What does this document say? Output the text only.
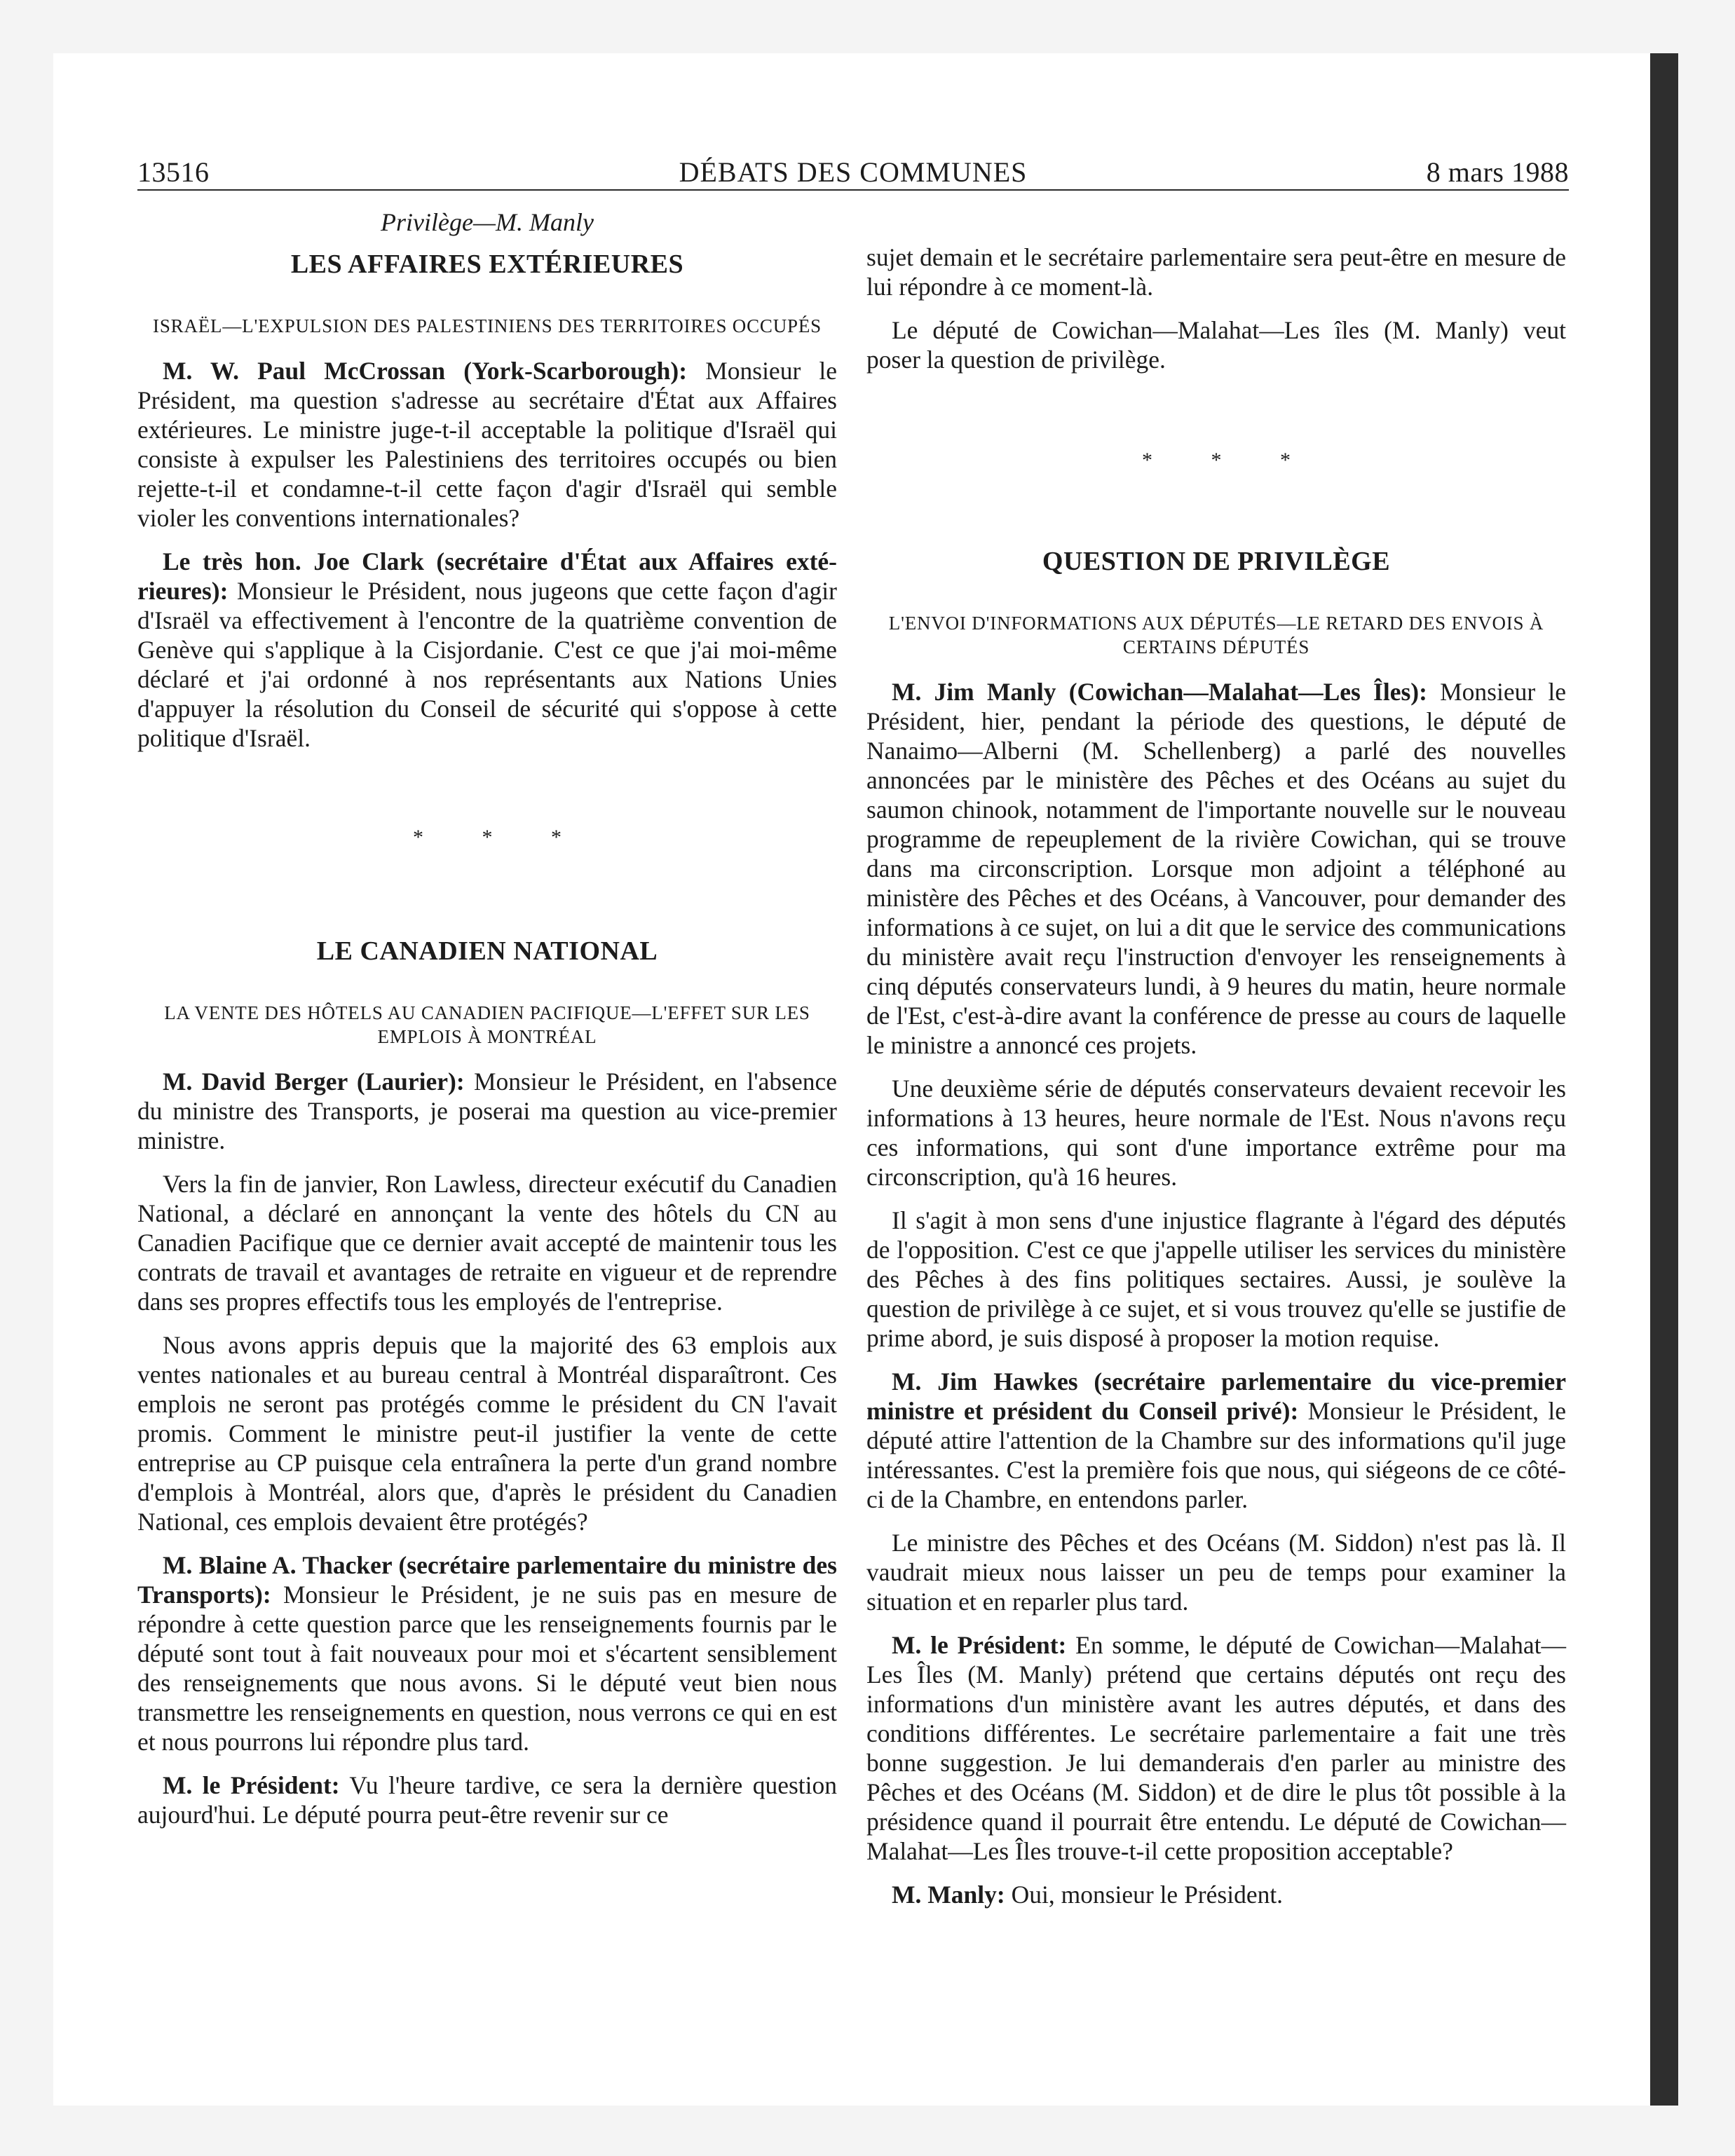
13516	DÉBATS DES COMMUNES	8 mars 1988
Privilège—M. Manly
LES AFFAIRES EXTÉRIEURES
ISRAËL—L'EXPULSION DES PALESTINIENS DES TERRITOIRES OCCUPÉS

M. W. Paul McCrossan (York-Scarborough): Monsieur le Président, ma question s'adresse au secrétaire d'État aux Affaires extérieures. Le ministre juge-t-il acceptable la politique d'Israël qui consiste à expulser les Palestiniens des territoires occupés ou bien rejette-t-il et condamne-t-il cette façon d'agir d'Israël qui semble violer les conventions internationales?

Le très hon. Joe Clark (secrétaire d'État aux Affaires extérieures): Monsieur le Président, nous jugeons que cette façon d'agir d'Israël va effectivement à l'encontre de la quatrième convention de Genève qui s'applique à la Cisjordanie. C'est ce que j'ai moi-même déclaré et j'ai ordonné à nos représentants aux Nations Unies d'appuyer la résolution du Conseil de sécurité qui s'oppose à cette politique d'Israël.

* * *
LE CANADIEN NATIONAL
LA VENTE DES HÔTELS AU CANADIEN PACIFIQUE—L'EFFET SUR LES EMPLOIS À MONTRÉAL

M. David Berger (Laurier): Monsieur le Président, en l'absence du ministre des Transports, je poserai ma question au vice-premier ministre.

Vers la fin de janvier, Ron Lawless, directeur exécutif du Canadien National, a déclaré en annonçant la vente des hôtels du CN au Canadien Pacifique que ce dernier avait accepté de maintenir tous les contrats de travail et avantages de retraite en vigueur et de reprendre dans ses propres effectifs tous les employés de l'entreprise.

Nous avons appris depuis que la majorité des 63 emplois aux ventes nationales et au bureau central à Montréal disparaîtront. Ces emplois ne seront pas protégés comme le président du CN l'avait promis. Comment le ministre peut-il justifier la vente de cette entreprise au CP puisque cela entraînera la perte d'un grand nombre d'emplois à Montréal, alors que, d'après le président du Canadien National, ces emplois devaient être protégés?

M. Blaine A. Thacker (secrétaire parlementaire du ministre des Transports): Monsieur le Président, je ne suis pas en mesure de répondre à cette question parce que les renseignements fournis par le député sont tout à fait nouveaux pour moi et s'écartent sensiblement des renseignements que nous avons. Si le député veut bien nous transmettre les renseignements en question, nous verrons ce qui en est et nous pourrons lui répondre plus tard.

M. le Président: Vu l'heure tardive, ce sera la dernière question aujourd'hui. Le député pourra peut-être revenir sur ce

sujet demain et le secrétaire parlementaire sera peut-être en mesure de lui répondre à ce moment-là.

Le député de Cowichan—Malahat—Les îles (M. Manly) veut poser la question de privilège.

* * *
QUESTION DE PRIVILÈGE
L'ENVOI D'INFORMATIONS AUX DÉPUTÉS—LE RETARD DES ENVOIS À CERTAINS DÉPUTÉS

M. Jim Manly (Cowichan—Malahat—Les Îles): Monsieur le Président, hier, pendant la période des questions, le député de Nanaimo—Alberni (M. Schellenberg) a parlé des nouvelles annoncées par le ministère des Pêches et des Océans au sujet du saumon chinook, notamment de l'importante nouvelle sur le nouveau programme de repeuplement de la rivière Cowichan, qui se trouve dans ma circonscription. Lorsque mon adjoint a téléphoné au ministère des Pêches et des Océans, à Vancouver, pour demander des informations à ce sujet, on lui a dit que le service des communications du ministère avait reçu l'instruction d'envoyer les renseignements à cinq députés conservateurs lundi, à 9 heures du matin, heure normale de l'Est, c'est-à-dire avant la conférence de presse au cours de laquelle le ministre a annoncé ces projets.

Une deuxième série de députés conservateurs devaient recevoir les informations à 13 heures, heure normale de l'Est. Nous n'avons reçu ces informations, qui sont d'une importance extrême pour ma circonscription, qu'à 16 heures.

Il s'agit à mon sens d'une injustice flagrante à l'égard des députés de l'opposition. C'est ce que j'appelle utiliser les services du ministère des Pêches à des fins politiques sectaires. Aussi, je soulève la question de privilège à ce sujet, et si vous trouvez qu'elle se justifie de prime abord, je suis disposé à proposer la motion requise.

M. Jim Hawkes (secrétaire parlementaire du vice-premier ministre et président du Conseil privé): Monsieur le Président, le député attire l'attention de la Chambre sur des informations qu'il juge intéressantes. C'est la première fois que nous, qui siégeons de ce côté-ci de la Chambre, en entendons parler.

Le ministre des Pêches et des Océans (M. Siddon) n'est pas là. Il vaudrait mieux nous laisser un peu de temps pour examiner la situation et en reparler plus tard.

M. le Président: En somme, le député de Cowichan—Malahat—Les Îles (M. Manly) prétend que certains députés ont reçu des informations d'un ministère avant les autres députés, et dans des conditions différentes. Le secrétaire parlementaire a fait une très bonne suggestion. Je lui demanderais d'en parler au ministre des Pêches et des Océans (M. Siddon) et de dire le plus tôt possible à la présidence quand il pourrait être entendu. Le député de Cowichan—Malahat—Les Îles trouve-t-il cette proposition acceptable?

M. Manly: Oui, monsieur le Président.
